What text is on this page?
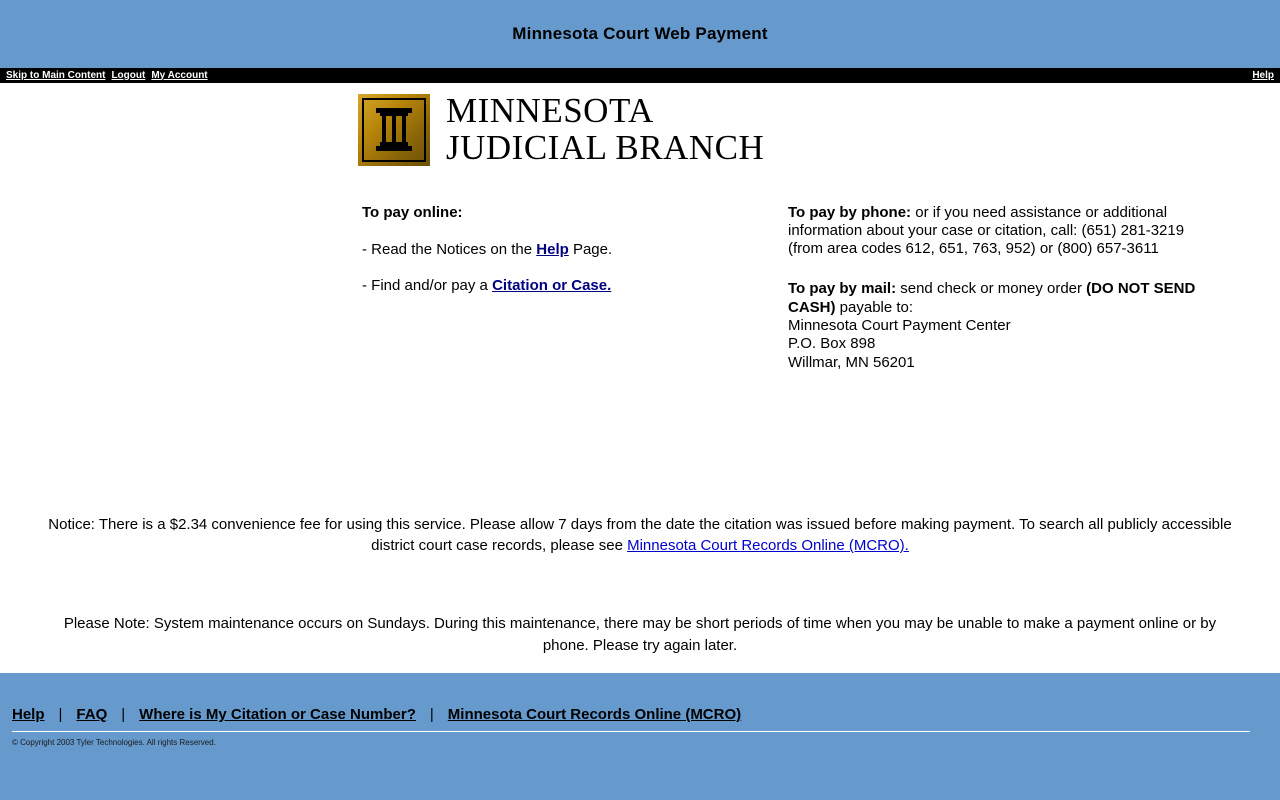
Minnesota Court Web Payment
Skip to Main Content Logout My Account	Help
MINNESOTA
JUDICIAL BRANCH

To pay online:

- Read the Notices on the Help Page.

- Find and/or pay a Citation or Case.

To pay by phone: or if you need assistance or additional information about your case or citation, call: (651) 281-3219 (from area codes 612, 651, 763, 952) or (800) 657-3611

To pay by mail: send check or money order (DO NOT SEND CASH) payable to:
Minnesota Court Payment Center
P.O. Box 898
Willmar, MN 56201

Notice: There is a $2.34 convenience fee for using this service. Please allow 7 days from the date the citation was issued before making payment. To search all publicly accessible district court case records, please see Minnesota Court Records Online (MCRO).
Please Note: System maintenance occurs on Sundays. During this maintenance, there may be short periods of time when you may be unable to make a payment online or by phone. Please try again later.
Help | FAQ | Where is My Citation or Case Number? | Minnesota Court Records Online (MCRO)
© Copyright 2003 Tyler Technologies. All rights Reserved.
